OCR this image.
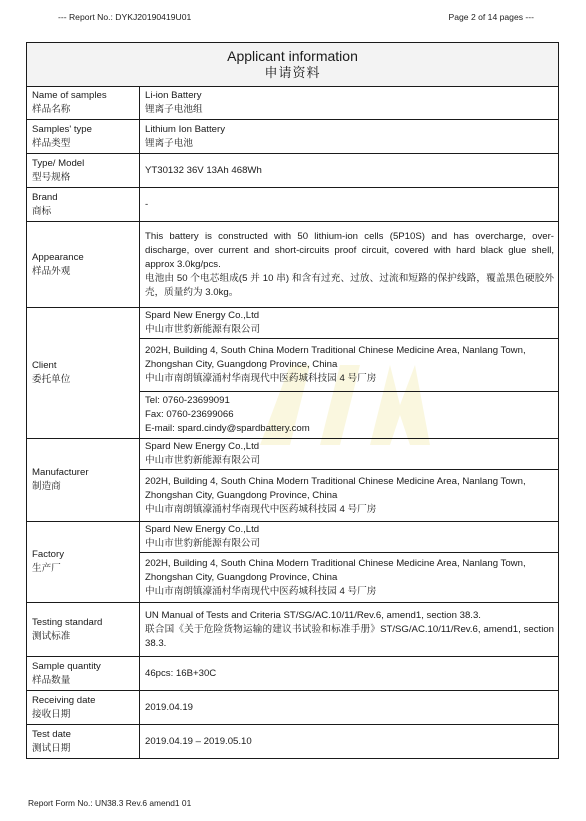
--- Report No.: DYKJ20190419U01	Page 2 of 14 pages ---
Applicant information
申请资料	

Name of samples
样品名称	Li-ion Battery
锂离子电池组

Samples' type
样品类型	Lithium Ion Battery
锂离子电池

Type/ Model
型号规格	YT30132 36V 13Ah 468Wh

Brand
商标	-

Appearance
样品外观	This battery is constructed with 50 lithium-ion cells (5P10S) and has overcharge, over-discharge, over current and short-circuits proof circuit, covered with hard black glue shell, approx 3.0kg/pcs.
电池由 50 个电芯组成(5 并 10 串) 和含有过充、过放、过流和短路的保护线路，覆盖黑色硬胶外壳，质量约为 3.0kg。

Client
委托单位	Spard New Energy Co.,Ltd
中山市世豹新能源有限公司

	202H, Building 4, South China Modern Traditional Chinese Medicine Area, Nanlang Town, Zhongshan City, Guangdong Province, China
中山市南朗镇濠涌村华南现代中医药城科技园 4 号厂房

	Tel: 0760-23699091
Fax: 0760-23699066
E-mail: spard.cindy@spardbattery.com

Manufacturer
制造商	Spard New Energy Co.,Ltd
中山市世豹新能源有限公司

	202H, Building 4, South China Modern Traditional Chinese Medicine Area, Nanlang Town, Zhongshan City, Guangdong Province, China
中山市南朗镇濠涌村华南现代中医药城科技园 4 号厂房

Factory
生产厂	Spard New Energy Co.,Ltd
中山市世豹新能源有限公司

	202H, Building 4, South China Modern Traditional Chinese Medicine Area, Nanlang Town, Zhongshan City, Guangdong Province, China
中山市南朗镇濠涌村华南现代中医药城科技园 4 号厂房

Testing standard
测试标准	UN Manual of Tests and Criteria ST/SG/AC.10/11/Rev.6, amend1, section 38.3.
联合国《关于危险货物运输的建议书试验和标准手册》ST/SG/AC.10/11/Rev.6, amend1, section 38.3.

Sample quantity
样品数量	46pcs: 16B+30C

Receiving date
接收日期	2019.04.19

Test date
测试日期	2019.04.19 – 2019.05.10
Report Form No.: UN38.3 Rev.6 amend1 01
